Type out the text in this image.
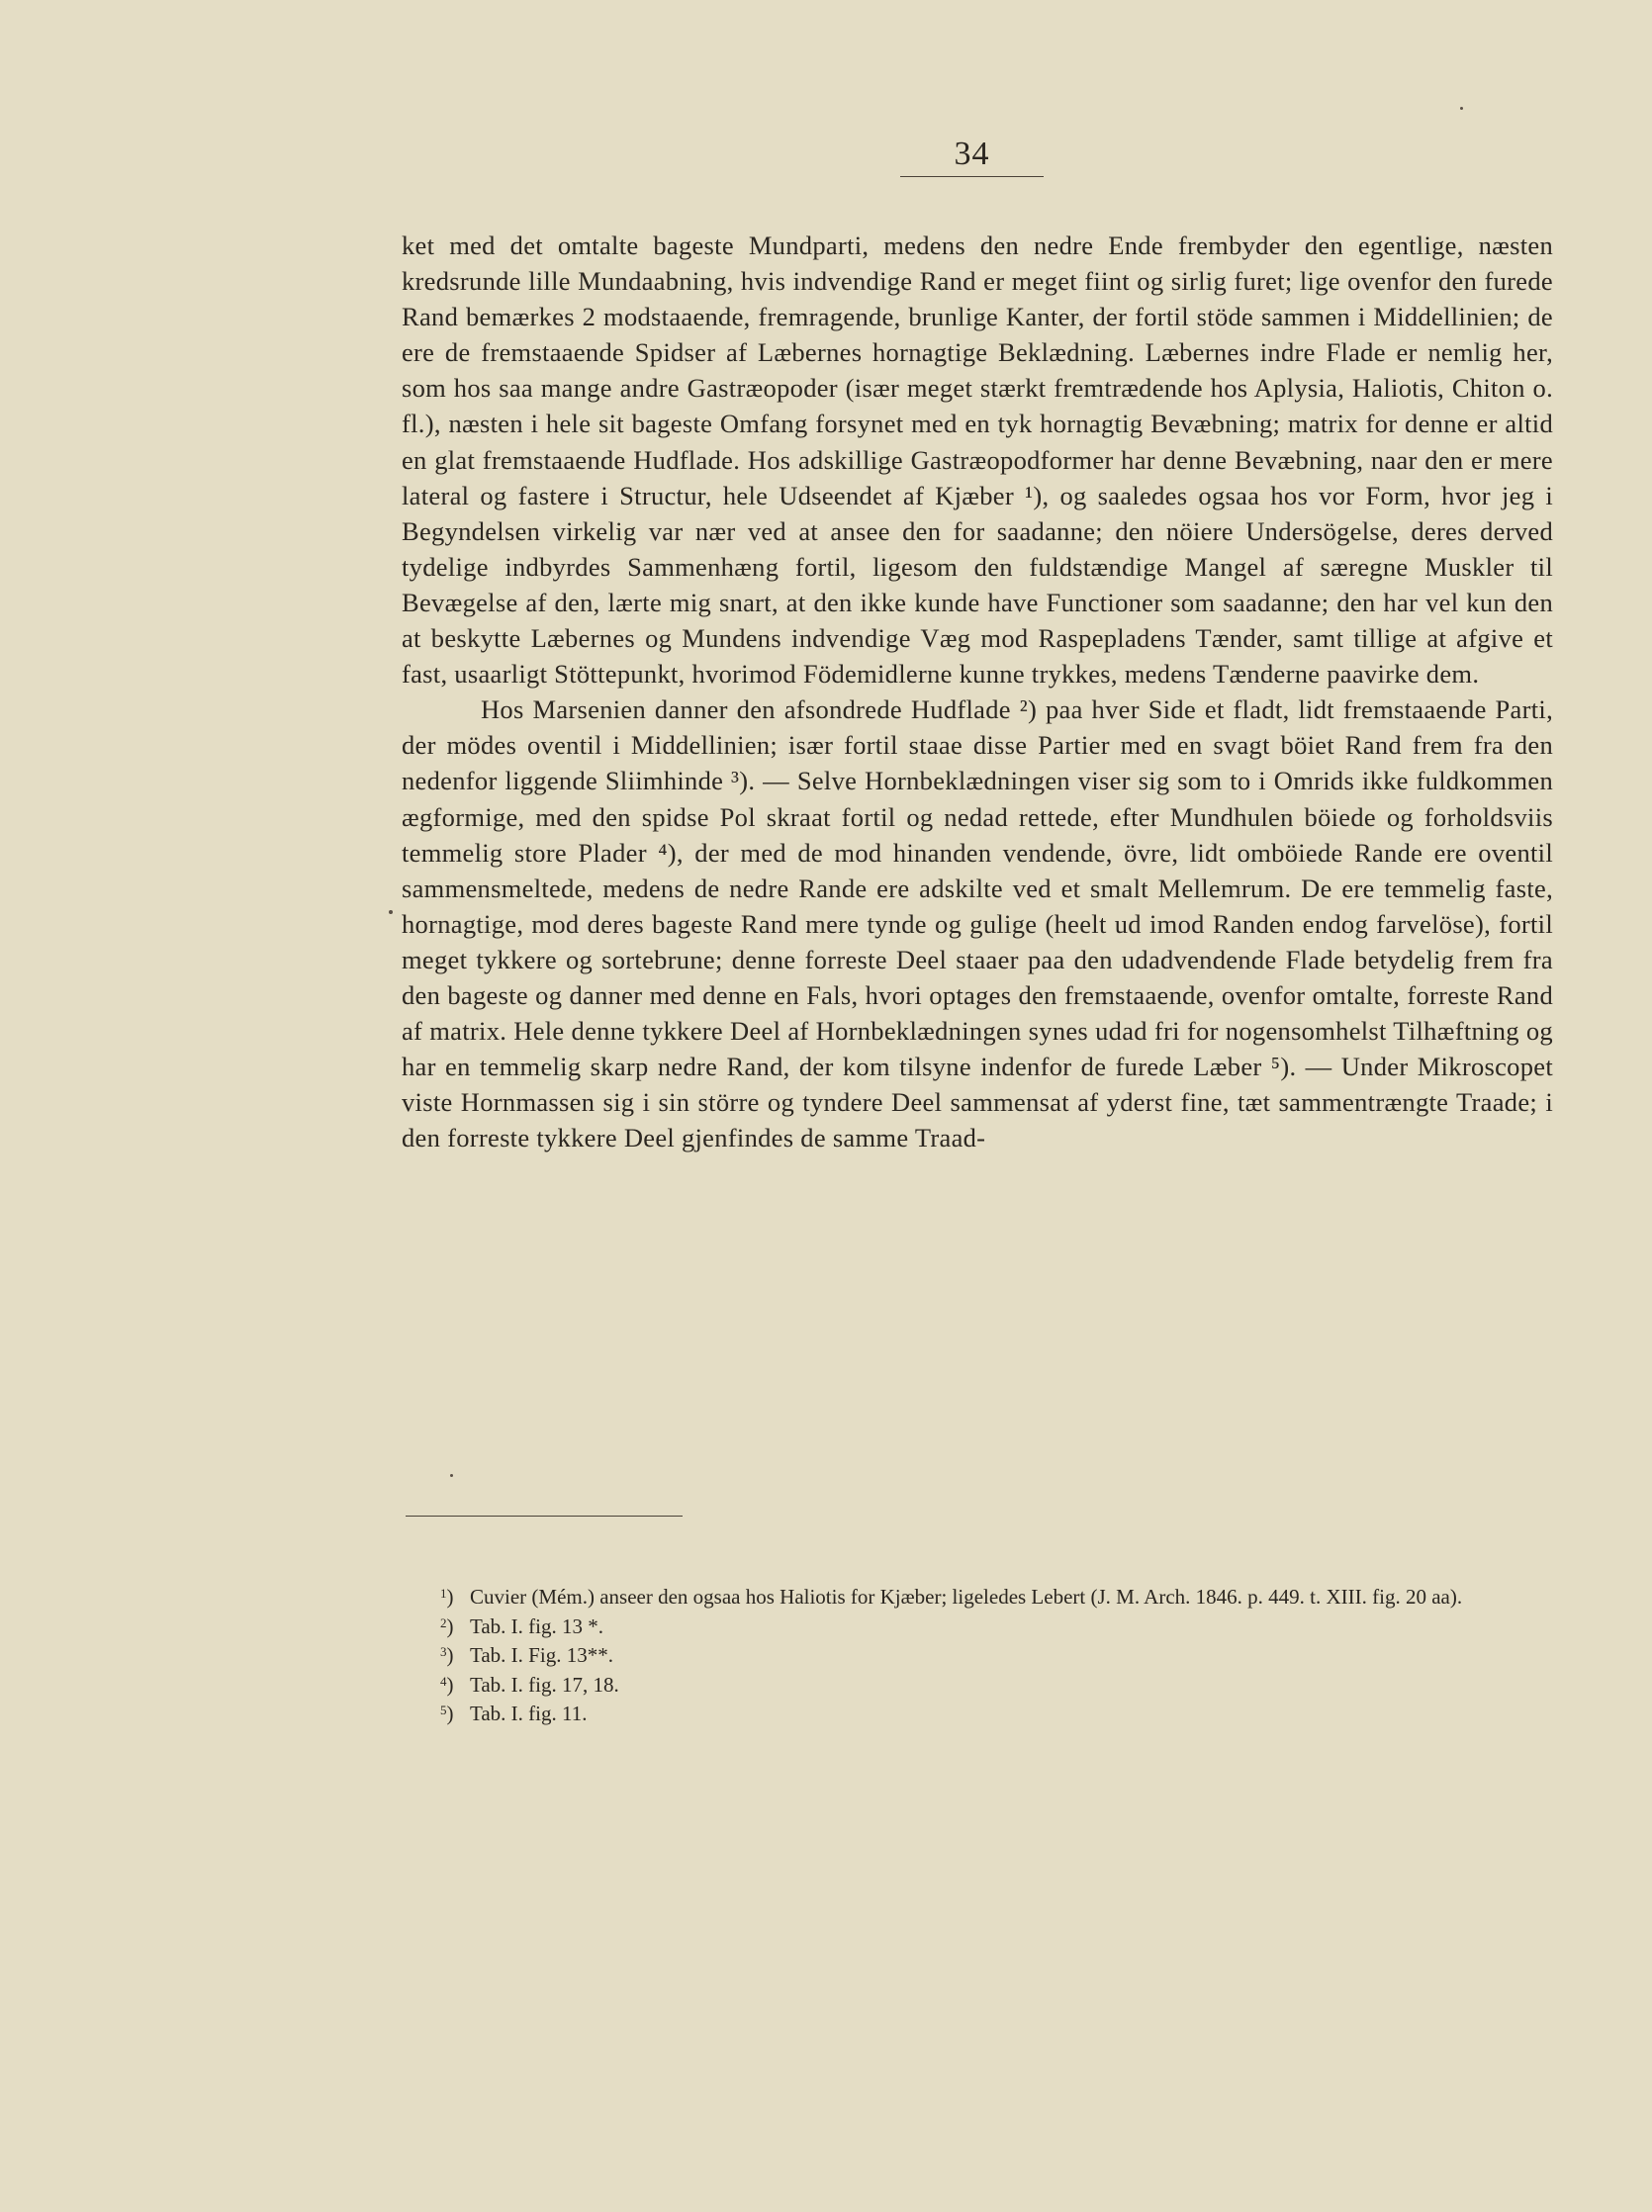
34

ket med det omtalte bageste Mundparti, medens den nedre Ende frembyder den egentlige, næsten kredsrunde lille Mundaabning, hvis indvendige Rand er meget fiint og sirlig furet; lige ovenfor den furede Rand bemærkes 2 modstaaende, fremragende, brunlige Kanter, der fortil stöde sammen i Middellinien; de ere de fremstaaende Spidser af Læbernes hornagtige Beklædning. Læbernes indre Flade er nemlig her, som hos saa mange andre Gastræopoder (især meget stærkt fremtrædende hos Aplysia, Haliotis, Chiton o. fl.), næsten i hele sit bageste Omfang forsynet med en tyk hornagtig Bevæbning; matrix for denne er altid en glat fremstaaende Hudflade. Hos adskillige Gastræopodformer har denne Bevæbning, naar den er mere lateral og fastere i Structur, hele Udseendet af Kjæber ¹), og saaledes ogsaa hos vor Form, hvor jeg i Begyndelsen virkelig var nær ved at ansee den for saadanne; den nöiere Undersögelse, deres derved tydelige indbyrdes Sammenhæng fortil, ligesom den fuldstændige Mangel af særegne Muskler til Bevægelse af den, lærte mig snart, at den ikke kunde have Functioner som saadanne; den har vel kun den at beskytte Læbernes og Mundens indvendige Væg mod Raspepladens Tænder, samt tillige at afgive et fast, usaarligt Stöttepunkt, hvorimod Födemidlerne kunne trykkes, medens Tænderne paavirke dem.

Hos Marsenien danner den afsondrede Hudflade ²) paa hver Side et fladt, lidt fremstaaende Parti, der mödes oventil i Middellinien; især fortil staae disse Partier med en svagt böiet Rand frem fra den nedenfor liggende Sliimhinde ³). — Selve Hornbeklædningen viser sig som to i Omrids ikke fuldkommen ægformige, med den spidse Pol skraat fortil og nedad rettede, efter Mundhulen böiede og forholdsviis temmelig store Plader ⁴), der med de mod hinanden vendende, övre, lidt omböiede Rande ere oventil sammensmeltede, medens de nedre Rande ere adskilte ved et smalt Mellemrum. De ere temmelig faste, hornagtige, mod deres bageste Rand mere tynde og gulige (heelt ud imod Randen endog farvelöse), fortil meget tykkere og sortebrune; denne forreste Deel staaer paa den udadvendende Flade betydelig frem fra den bageste og danner med denne en Fals, hvori optages den fremstaaende, ovenfor omtalte, forreste Rand af matrix. Hele denne tykkere Deel af Hornbeklædningen synes udad fri for nogensomhelst Tilhæftning og har en temmelig skarp nedre Rand, der kom tilsyne indenfor de furede Læber ⁵). — Under Mikroscopet viste Hornmassen sig i sin större og tyndere Deel sammensat af yderst fine, tæt sammentrængte Traade; i den forreste tykkere Deel gjenfindes de samme Traad-

$^1$) Cuvier (Mém.) anseer den ogsaa hos Haliotis for Kjæber; ligeledes Lebert (J. M. Arch. 1846. p. 449. t. XIII. fig. 20 aa).

$^2$) Tab. I. fig. 13 *.

$^3$) Tab. I. Fig. 13**.

$^4$) Tab. I. fig. 17, 18.

$^5$) Tab. I. fig. 11.
